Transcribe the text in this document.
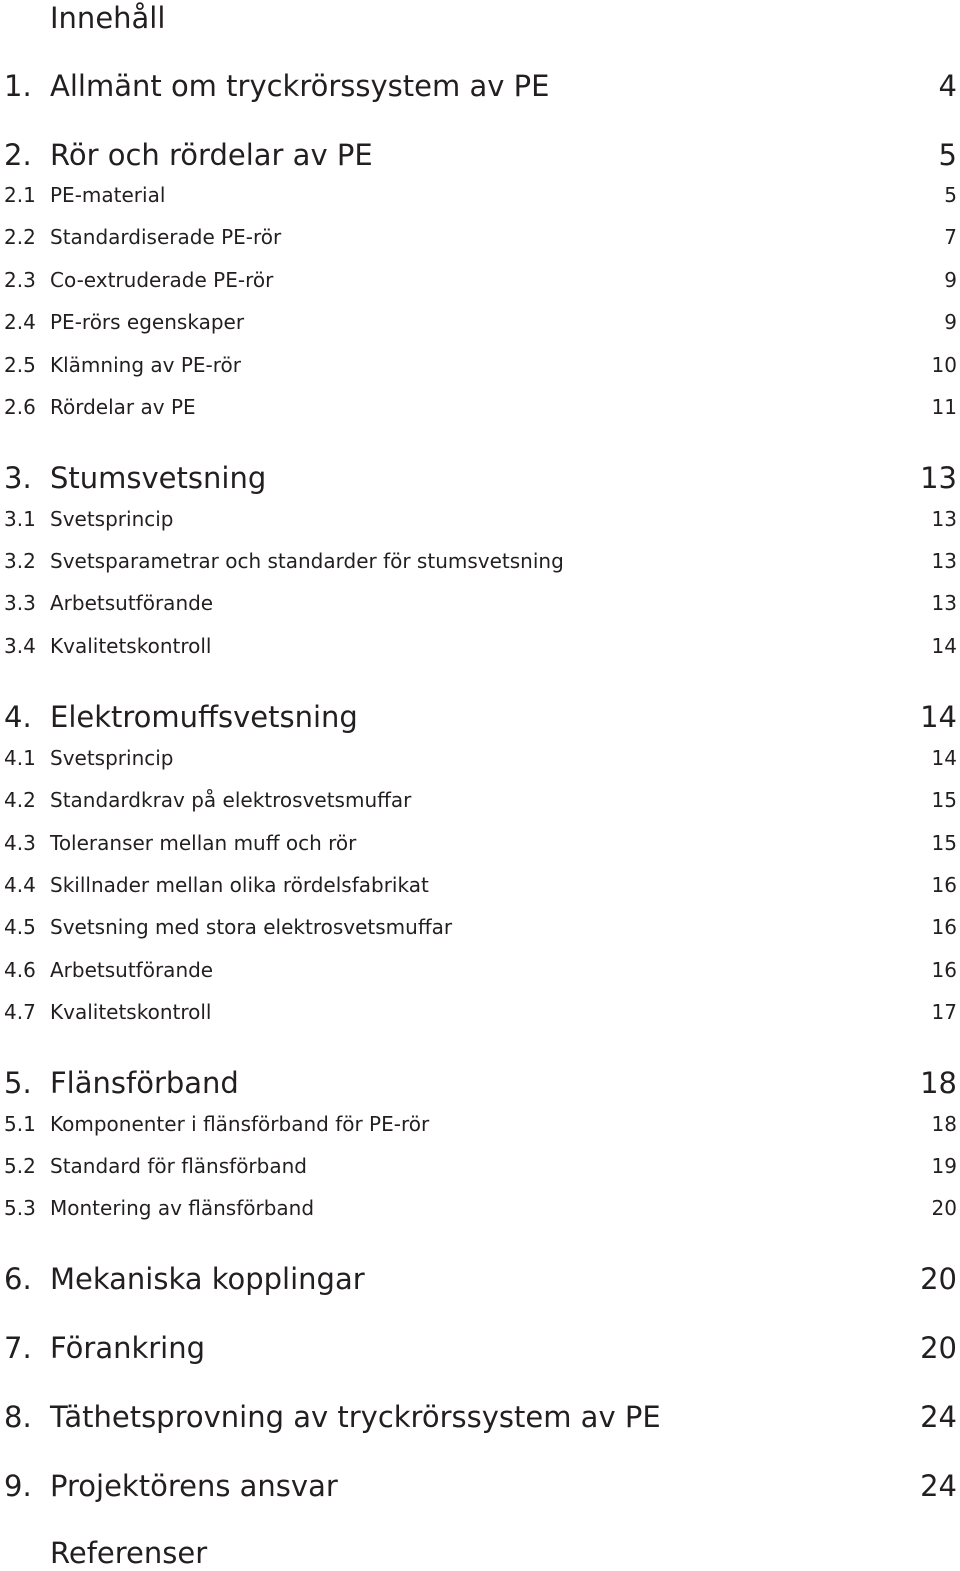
Innehåll
1. Allmänt om tryckrörssystem av PE	4
2. Rör och rördelar av PE	5
2.1 PE-material	5
2.2 Standardiserade PE-rör	7
2.3 Co-extruderade PE-rör	9
2.4 PE-rörs egenskaper	9
2.5 Klämning av PE-rör	10
2.6 Rördelar av PE	11
3. Stumsvetsning	13
3.1 Svetsprincip	13
3.2 Svetsparametrar och standarder för stumsvetsning	13
3.3 Arbetsutförande	13
3.4 Kvalitetskontroll	14
4. Elektromuffsvetsning	14
4.1 Svetsprincip	14
4.2 Standardkrav på elektrosvetsmuffar	15
4.3 Toleranser mellan muff och rör	15
4.4 Skillnader mellan olika rördelsfabrikat	16
4.5 Svetsning med stora elektrosvetsmuffar	16
4.6 Arbetsutförande	16
4.7 Kvalitetskontroll	17
5. Flänsförband	18
5.1 Komponenter i flänsförband för PE-rör	18
5.2 Standard för flänsförband	19
5.3 Montering av flänsförband	20
6. Mekaniska kopplingar	20
7. Förankring	20
8. Täthetsprovning av tryckrörssystem av PE	24
9. Projektörens ansvar	24
Referenser
